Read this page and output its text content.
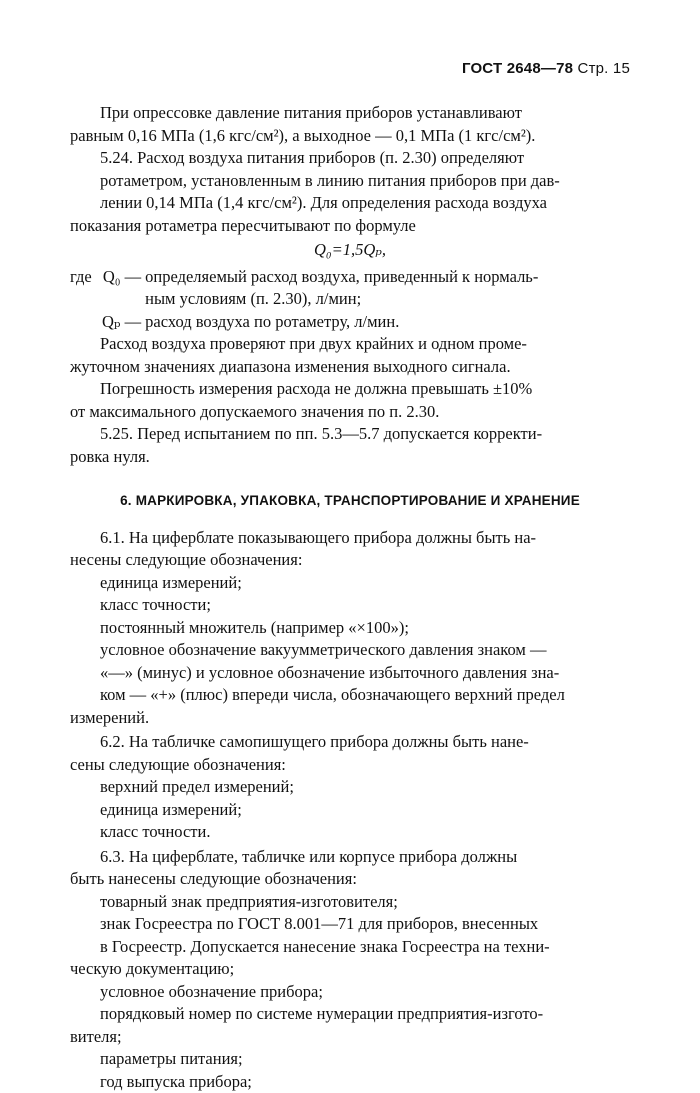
ГОСТ 2648—78 Стр. 15
При опрессовке давление питания приборов устанавливают
равным 0,16 МПа (1,6 кгс/см²), а выходное — 0,1 МПа (1 кгс/см²).
5.24. Расход воздуха питания приборов (п. 2.30) определяют
ротаметром, установленным в линию питания приборов при дав-
лении 0,14 МПа (1,4 кгс/см²). Для определения расхода воздуха
показания ротаметра пересчитывают по формуле
Q₀=1,5Qₚ,
где Q₀ — определяемый расход воздуха, приведенный к нормаль-
ным условиям (п. 2.30), л/мин;
Qₚ — расход воздуха по ротаметру, л/мин.
Расход воздуха проверяют при двух крайних и одном проме-
жуточном значениях диапазона изменения выходного сигнала.
Погрешность измерения расхода не должна превышать ±10%
от максимального допускаемого значения по п. 2.30.
5.25. Перед испытанием по пп. 5.3—5.7 допускается корректи-
ровка нуля.
6. МАРКИРОВКА, УПАКОВКА, ТРАНСПОРТИРОВАНИЕ И ХРАНЕНИЕ
6.1. На циферблате показывающего прибора должны быть на-
несены следующие обозначения:
единица измерений;
класс точности;
постоянный множитель (например «×100»);
условное обозначение вакуумметрического давления знаком —
«—» (минус) и условное обозначение избыточного давления зна-
ком — «+» (плюс) впереди числа, обозначающего верхний предел
измерений.
6.2. На табличке самопишущего прибора должны быть нане-
сены следующие обозначения:
верхний предел измерений;
единица измерений;
класс точности.
6.3. На циферблате, табличке или корпусе прибора должны
быть нанесены следующие обозначения:
товарный знак предприятия-изготовителя;
знак Госреестра по ГОСТ 8.001—71 для приборов, внесенных
в Госреестр. Допускается нанесение знака Госреестра на техни-
ческую документацию;
условное обозначение прибора;
порядковый номер по системе нумерации предприятия-изгото-
вителя;
параметры питания;
год выпуска прибора;
